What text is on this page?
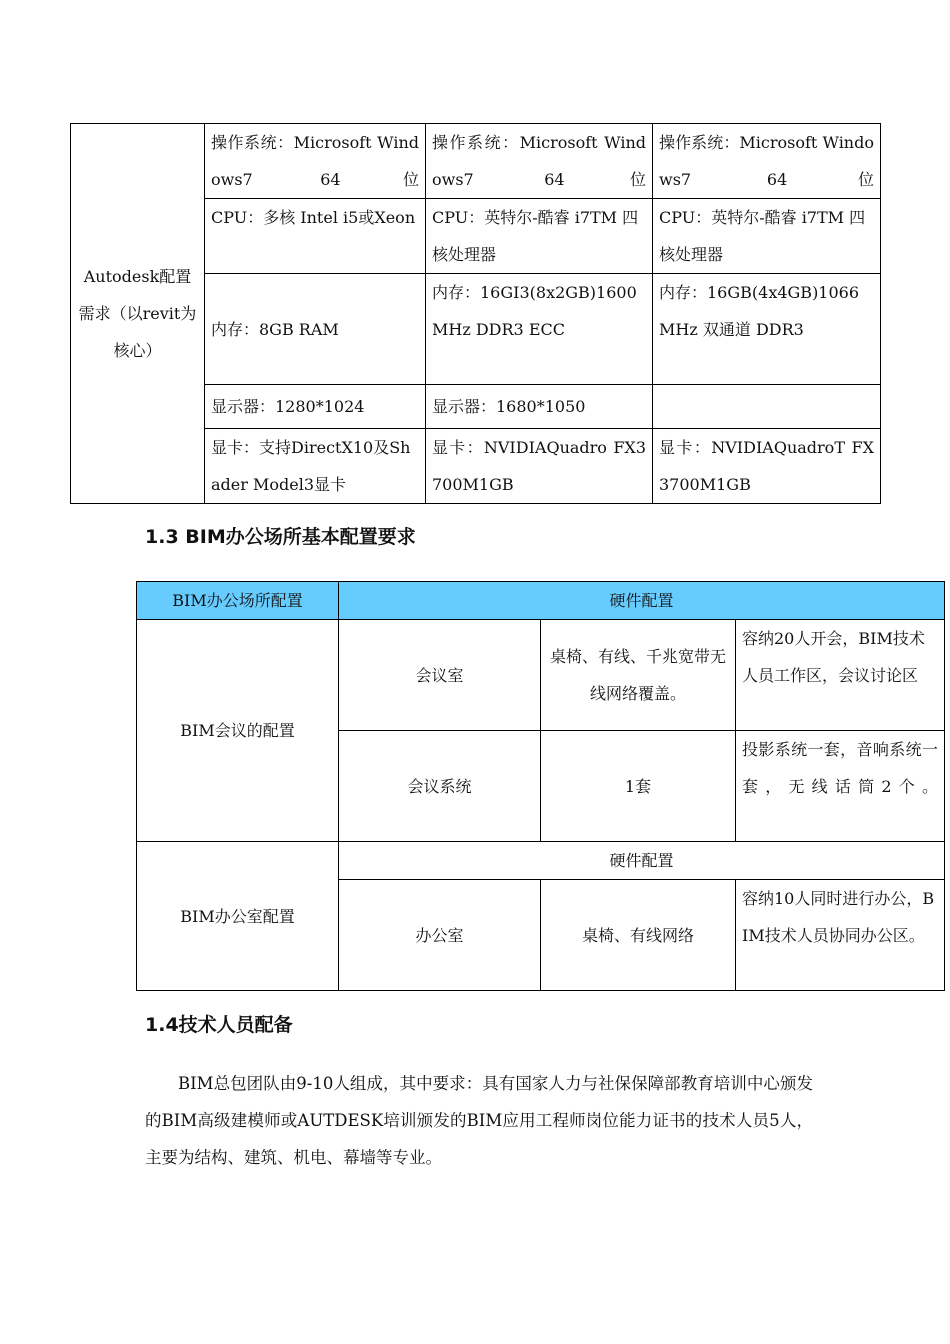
Autodesk配置需求（以revit为核心）	操作系统：Microsoft Windows7 64位	操作系统：Microsoft Windows7 64位	操作系统：Microsoft Windows7 64位
	CPU：多核 Intel i5或Xeon	CPU：英特尔-酷睿 i7TM 四核处理器	CPU：英特尔-酷睿 i7TM 四核处理器
	内存：8GB RAM	内存：16GI3(8x2GB)1600MHz DDR3 ECC	内存：16GB(4x4GB)1066MHz 双通道 DDR3
	显示器：1280*1024	显示器：1680*1050	
	显卡：支持DirectX10及Shader Model3显卡	显卡：NVIDIAQuadro FX3700M1GB	显卡：NVIDIAQuadroT FX3700M1GB
1.3 BIM办公场所基本配置要求
BIM办公场所配置	硬件配置		
BIM会议的配置	会议室	桌椅、有线、千兆宽带无线网络覆盖。	容纳20人开会，BIM技术人员工作区，会议讨论区
	会议系统	1套	投影系统一套，音响系统一套，无线话筒2个。
BIM办公室配置	硬件配置		
	办公室	桌椅、有线网络	容纳10人同时进行办公，BIM技术人员协同办公区。
1.4技术人员配备

BIM总包团队由9-10人组成，其中要求：具有国家人力与社保保障部教育培训中心颁发的BIM高级建模师或AUTDESK培训颁发的BIM应用工程师岗位能力证书的技术人员5人，主要为结构、建筑、机电、幕墙等专业。
